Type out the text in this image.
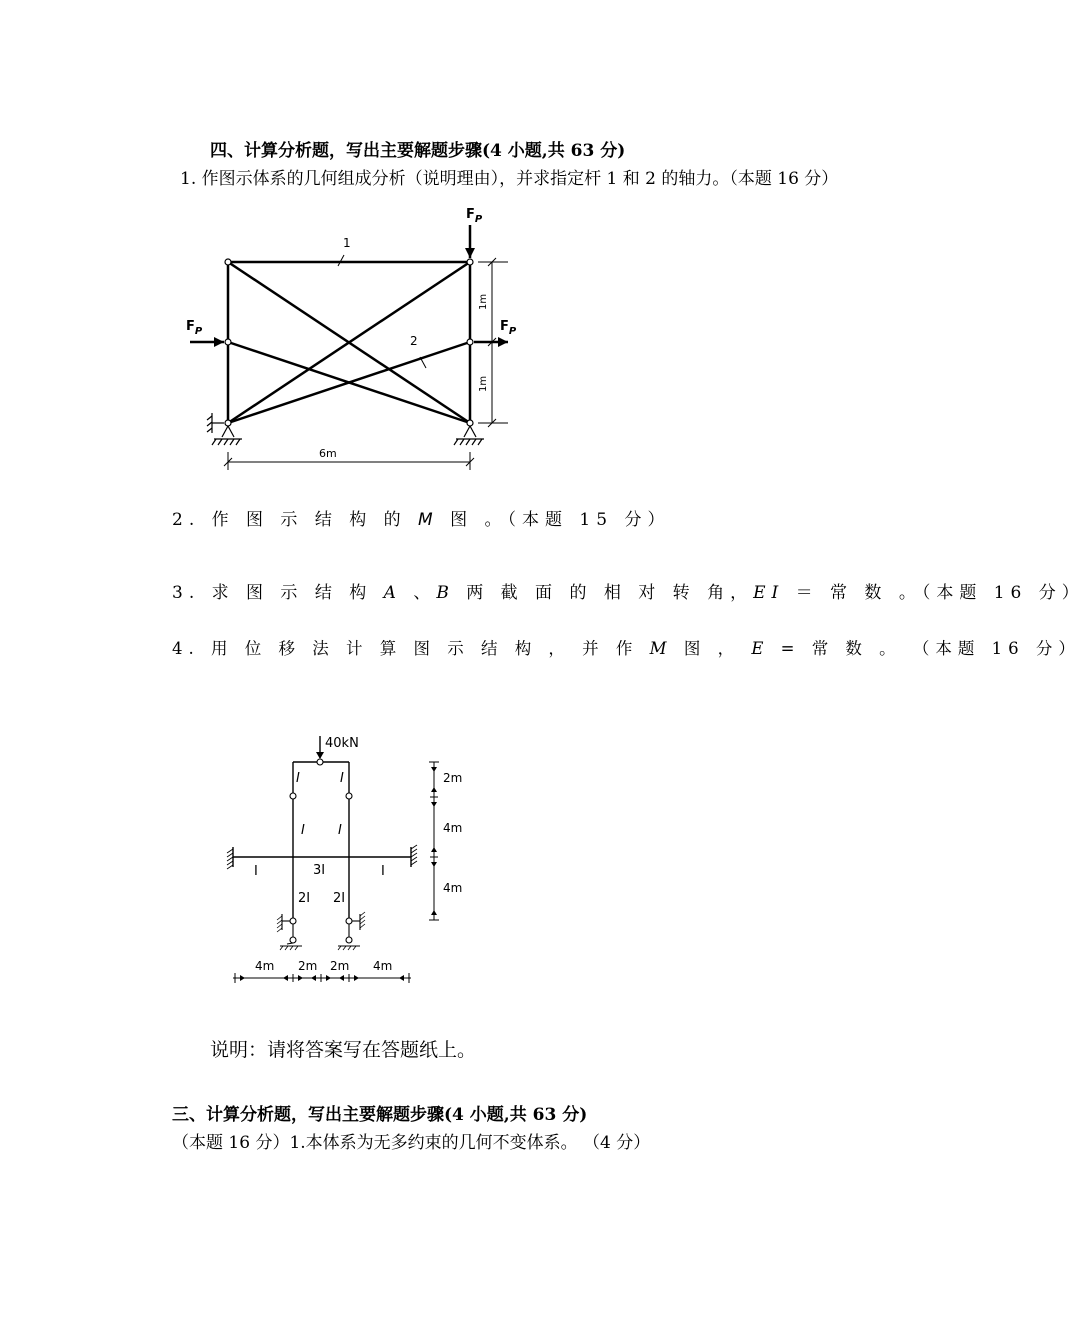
四、计算分析题，写出主要解题步骤(4 小题,共 63 分)
1. 作图示体系的几何组成分析（说明理由），并求指定杆 1 和 2 的轴力。（本题 16 分）
$F_P$
$F_P$	$F_P$
1
2
6m
1m
1m
2. 作 图 示 结 构 的 M 图 。（本题 15 分）
3. 求 图 示 结 构 A 、B 两 截 面 的 相 对 转 角，EI ＝ 常 数 。（本题 16 分）
4. 用 位 移 法 计 算 图 示 结 构 ， 并 作 M 图 ， E = 常 数 。 （本题 16 分）
40kN
I	I
I	I
I	3I	I
2I 2I
2m
4m
4m
4m 2m 2m 4m
说明：请将答案写在答题纸上。
三、计算分析题，写出主要解题步骤(4 小题,共 63 分)
（本题 16 分）1.本体系为无多约束的几何不变体系。 （4 分）
